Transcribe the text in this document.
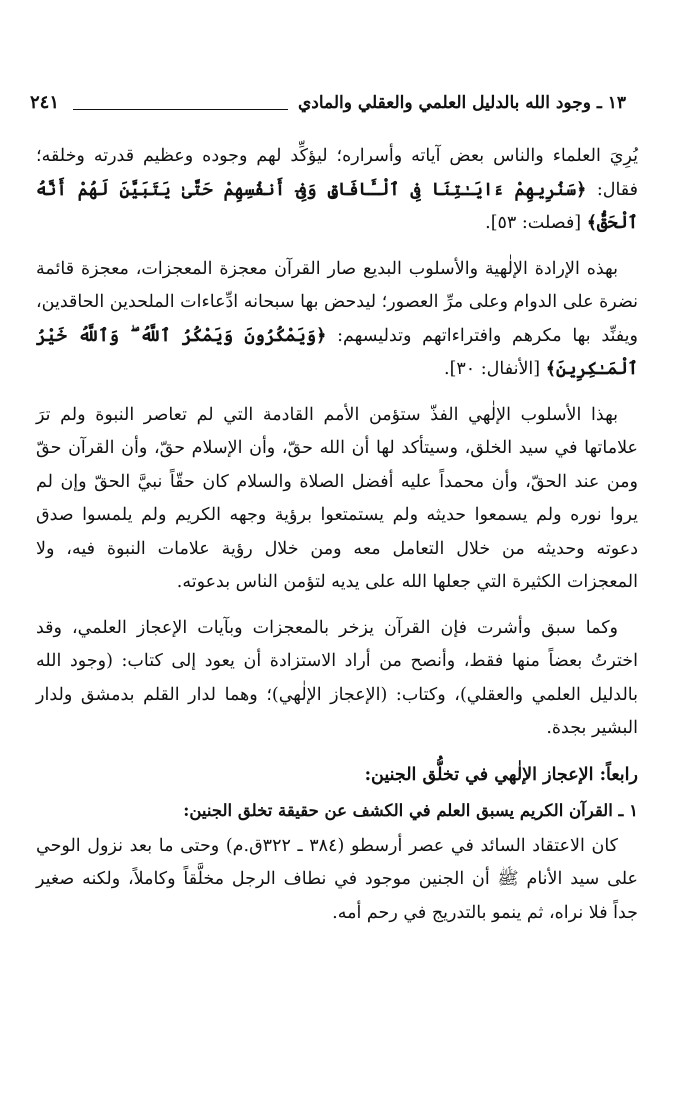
١٣ ـ وجود الله بالدليل العلمي والعقلي والمادي
٢٤١

يُرِيَ العلماء والناس بعض آياته وأسراره؛ ليؤكِّد لهم وجوده وعظيم قدرته وخلقه؛ فقال: ﴿سَنُرِيهِمْ ءَايَـٰتِنَا فِى ٱلْـَٔافَاقِ وَفِىٓ أَنفُسِهِمْ حَتَّىٰ يَتَبَيَّنَ لَهُمْ أَنَّهُ ٱلْحَقُّ﴾ [فصلت: ٥٣].

بهذه الإرادة الإلٰهية والأسلوب البديع صار القرآن معجزة المعجزات، معجزة قائمة نضرة على الدوام وعلى مرِّ العصور؛ ليدحض بها سبحانه ادِّعاءات الملحدين الحاقدين، ويفنِّد بها مكرهم وافتراءاتهم وتدليسهم: ﴿وَيَمْكُرُونَ وَيَمْكُرُ ٱللَّهُ ۖ وَٱللَّهُ خَيْرُ ٱلْمَـٰكِرِينَ﴾ [الأنفال: ٣٠].

بهذا الأسلوب الإلٰهي الفذّ ستؤمن الأمم القادمة التي لم تعاصر النبوة ولم ترَ علاماتها في سيد الخلق، وسيتأكد لها أن الله حقّ، وأن الإسلام حقّ، وأن القرآن حقّ ومن عند الحقّ، وأن محمداً عليه أفضل الصلاة والسلام كان حقّاً نبيَّ الحقّ وإن لم يروا نوره ولم يسمعوا حديثه ولم يستمتعوا برؤية وجهه الكريم ولم يلمسوا صدق دعوته وحديثه من خلال التعامل معه ومن خلال رؤية علامات النبوة فيه، ولا المعجزات الكثيرة التي جعلها الله على يديه لتؤمن الناس بدعوته.

وكما سبق وأشرت فإن القرآن يزخر بالمعجزات وبآيات الإعجاز العلمي، وقد اخترتُ بعضاً منها فقط، وأنصح من أراد الاستزادة أن يعود إلى كتاب: (وجود الله بالدليل العلمي والعقلي)، وكتاب: (الإعجاز الإلٰهي)؛ وهما لدار القلم بدمشق ولدار البشير بجدة.

رابعاً: الإعجاز الإلٰهي في تخلُّق الجنين:
١ ـ القرآن الكريم يسبق العلم في الكشف عن حقيقة تخلق الجنين:

كان الاعتقاد السائد في عصر أرسطو (٣٨٤ ـ ٣٢٢ق.م) وحتى ما بعد نزول الوحي على سيد الأنام ﷺ أن الجنين موجود في نطاف الرجل مخلَّقاً وكاملاً، ولكنه صغير جداً فلا نراه، ثم ينمو بالتدريج في رحم أمه.
